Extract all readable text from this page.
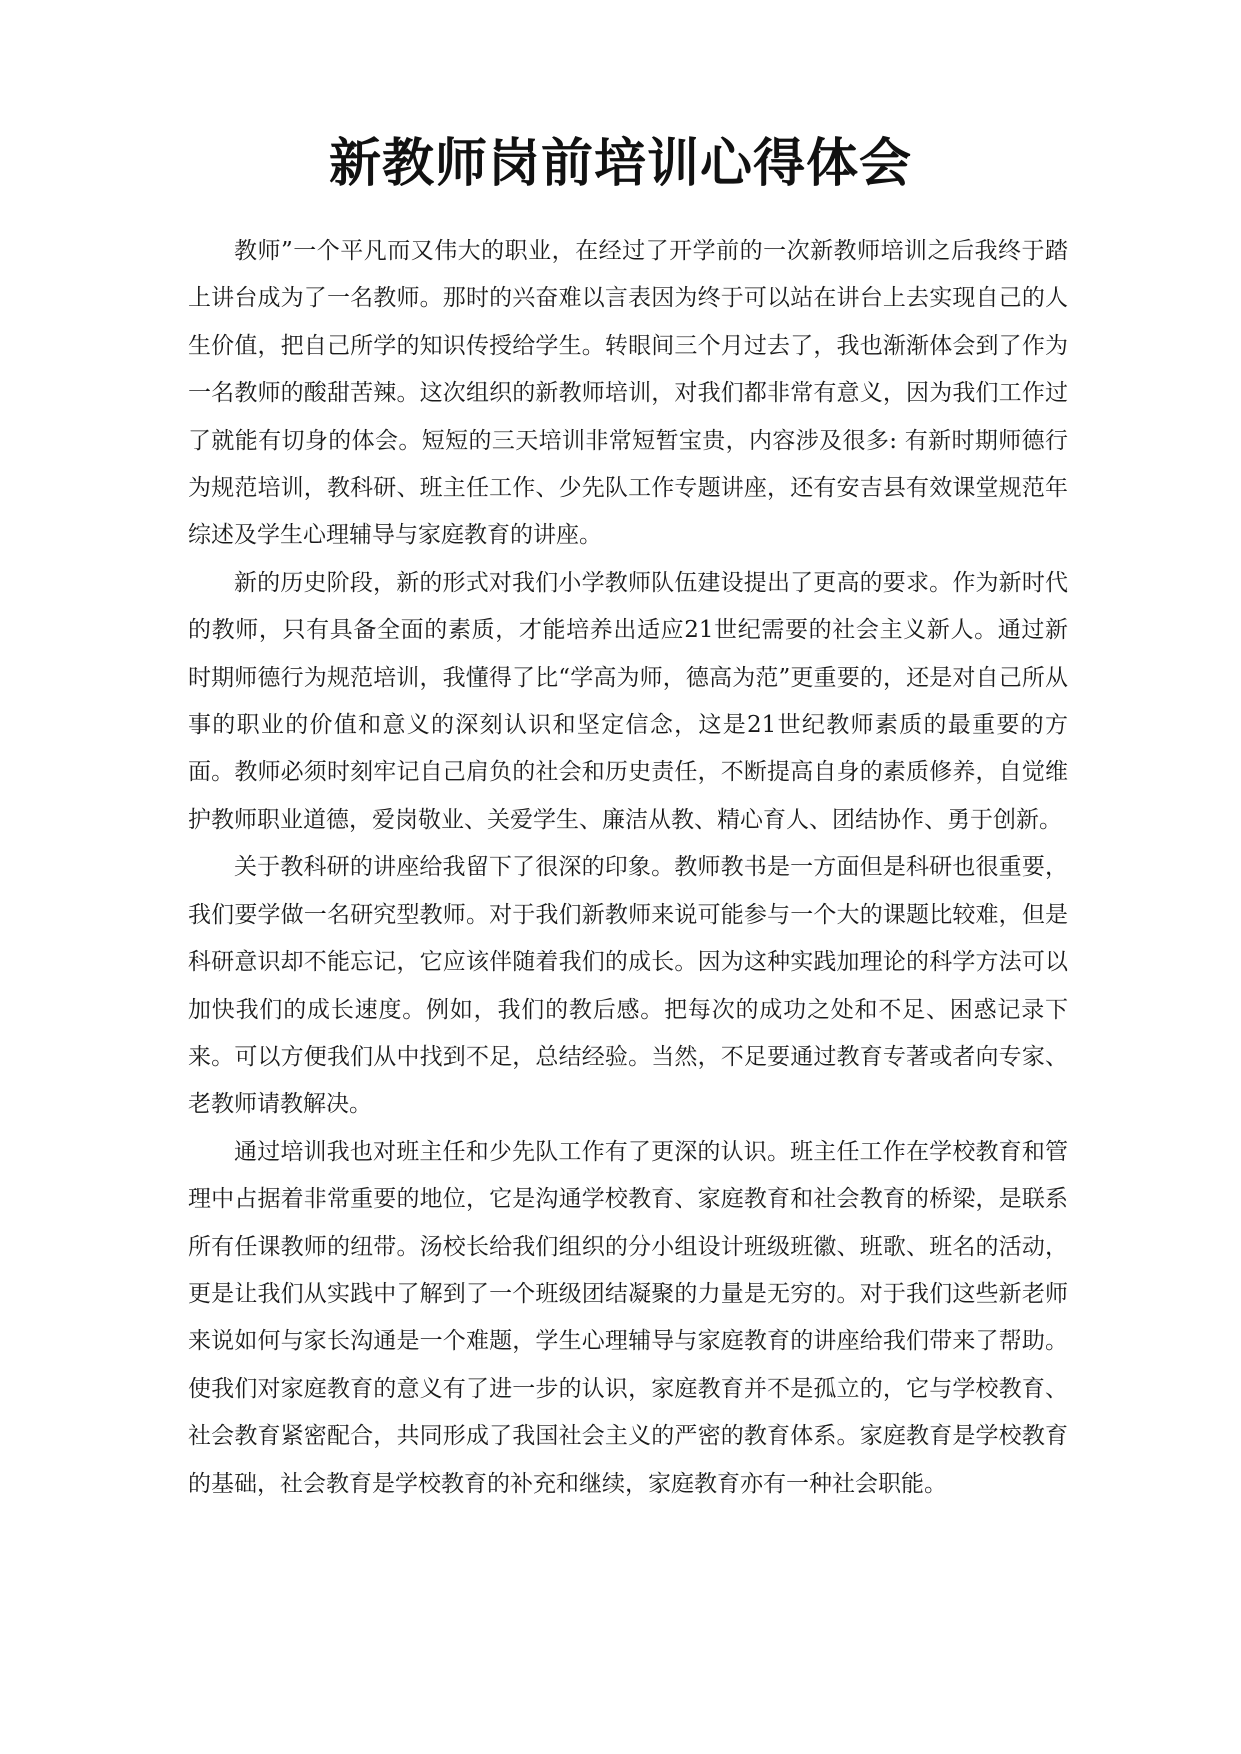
新教师岗前培训心得体会

教师”一个平凡而又伟大的职业，在经过了开学前的一次新教师培训之后我终于踏上讲台成为了一名教师。那时的兴奋难以言表因为终于可以站在讲台上去实现自己的人生价值，把自己所学的知识传授给学生。转眼间三个月过去了，我也渐渐体会到了作为一名教师的酸甜苦辣。这次组织的新教师培训，对我们都非常有意义，因为我们工作过了就能有切身的体会。短短的三天培训非常短暂宝贵，内容涉及很多: 有新时期师德行为规范培训，教科研、班主任工作、少先队工作专题讲座，还有安吉县有效课堂规范年综述及学生心理辅导与家庭教育的讲座。

新的历史阶段，新的形式对我们小学教师队伍建设提出了更高的要求。作为新时代的教师，只有具备全面的素质，才能培养出适应21世纪需要的社会主义新人。通过新时期师德行为规范培训，我懂得了比“学高为师，德高为范”更重要的，还是对自己所从事的职业的价值和意义的深刻认识和坚定信念，这是21世纪教师素质的最重要的方面。教师必须时刻牢记自己肩负的社会和历史责任，不断提高自身的素质修养，自觉维护教师职业道德，爱岗敬业、关爱学生、廉洁从教、精心育人、团结协作、勇于创新。

关于教科研的讲座给我留下了很深的印象。教师教书是一方面但是科研也很重要，我们要学做一名研究型教师。对于我们新教师来说可能参与一个大的课题比较难，但是科研意识却不能忘记，它应该伴随着我们的成长。因为这种实践加理论的科学方法可以加快我们的成长速度。例如，我们的教后感。把每次的成功之处和不足、困惑记录下来。可以方便我们从中找到不足，总结经验。当然，不足要通过教育专著或者向专家、老教师请教解决。

通过培训我也对班主任和少先队工作有了更深的认识。班主任工作在学校教育和管理中占据着非常重要的地位，它是沟通学校教育、家庭教育和社会教育的桥梁，是联系所有任课教师的纽带。汤校长给我们组织的分小组设计班级班徽、班歌、班名的活动，更是让我们从实践中了解到了一个班级团结凝聚的力量是无穷的。对于我们这些新老师来说如何与家长沟通是一个难题，学生心理辅导与家庭教育的讲座给我们带来了帮助。使我们对家庭教育的意义有了进一步的认识，家庭教育并不是孤立的，它与学校教育、社会教育紧密配合，共同形成了我国社会主义的严密的教育体系。家庭教育是学校教育的基础，社会教育是学校教育的补充和继续，家庭教育亦有一种社会职能。
